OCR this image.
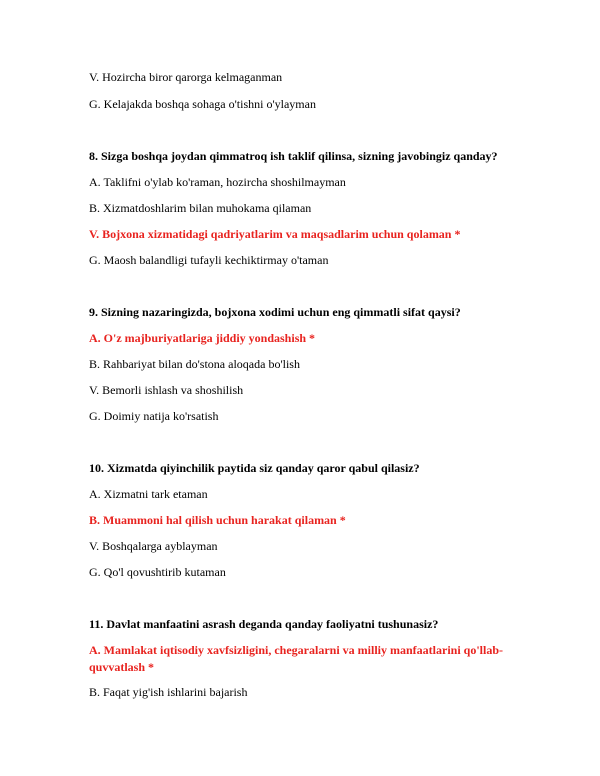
V. Hozircha biror qarorga kelmaganman
G. Kelajakda boshqa sohaga o'tishni o'ylayman
8. Sizga boshqa joydan qimmatroq ish taklif qilinsa, sizning javobingiz qanday?
A. Taklifni o'ylab ko'raman, hozircha shoshilmayman
B. Xizmatdoshlarim bilan muhokama qilaman
V. Bojxona xizmatidagi qadriyatlarim va maqsadlarim uchun qolaman *
G. Maosh balandligi tufayli kechiktirmay o'taman
9. Sizning nazaringizda, bojxona xodimi uchun eng qimmatli sifat qaysi?
A. O'z majburiyatlariga jiddiy yondashish *
B. Rahbariyat bilan do'stona aloqada bo'lish
V. Bemorli ishlash va shoshilish
G. Doimiy natija ko'rsatish
10. Xizmatda qiyinchilik paytida siz qanday qaror qabul qilasiz?
A. Xizmatni tark etaman
B. Muammoni hal qilish uchun harakat qilaman *
V. Boshqalarga ayblayman
G. Qo'l qovushtirib kutaman
11. Davlat manfaatini asrash deganda qanday faoliyatni tushunasiz?
A. Mamlakat iqtisodiy xavfsizligini, chegaralarni va milliy manfaatlarini qo'llab-quvvatlash *
B. Faqat yig'ish ishlarini bajarish
